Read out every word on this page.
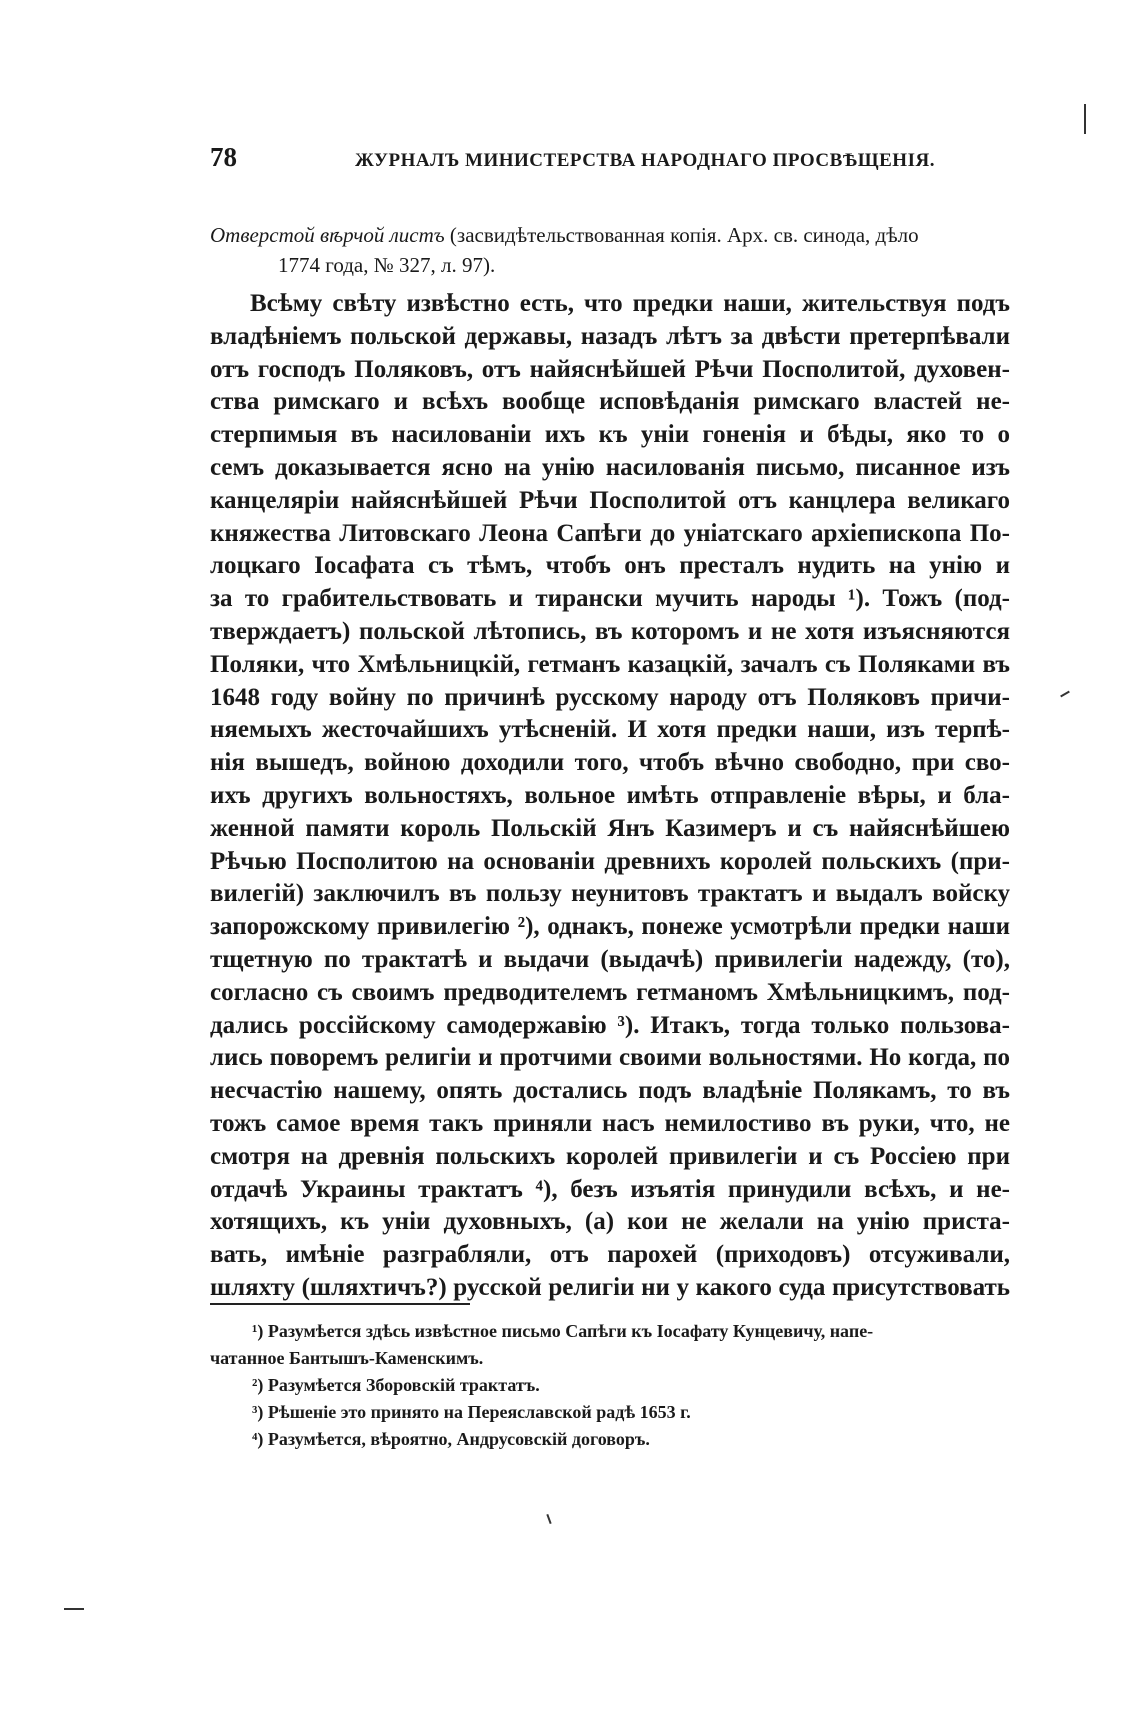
78	ЖУРНАЛЪ МИНИСТЕРСТВА НАРОДНАГО ПРОСВѢЩЕНІЯ.
Отверстой вѣрчой листъ (засвидѣтельствованная копія. Арх. св. синода, дѣло
1774 года, № 327, л. 97).
Всѣму свѣту извѣстно есть, что предки наши, жительствуя подъ
владѣніемъ польской державы, назадъ лѣтъ за двѣсти претерпѣвали
отъ господъ Поляковъ, отъ найяснѣйшей Рѣчи Посполитой, духовен-
ства римскаго и всѣхъ вообще исповѣданія римскаго властей не-
стерпимыя въ насилованіи ихъ къ уніи гоненія и бѣды, яко то о
семъ доказывается ясно на унію насилованія письмо, писанное изъ
канцеляріи найяснѣйшей Рѣчи Посполитой отъ канцлера великаго
княжества Литовскаго Леона Сапѣги до уніатскаго архіепископа По-
лоцкаго Іосафата съ тѣмъ, чтобъ онъ престалъ нудить на унію и
за то грабительствовать и тирански мучить народы ¹). Тожъ (под-
тверждаетъ) польской лѣтопись, въ которомъ и не хотя изъясняются
Поляки, что Хмѣльницкій, гетманъ казацкій, зачалъ съ Поляками въ
1648 году войну по причинѣ русскому народу отъ Поляковъ причи-
няемыхъ жесточайшихъ утѣсненій. И хотя предки наши, изъ терпѣ-
нія вышедъ, войною доходили того, чтобъ вѣчно свободно, при сво-
ихъ другихъ вольностяхъ, вольное имѣть отправленіе вѣры, и бла-
женной памяти король Польскій Янъ Казимеръ и съ найяснѣйшею
Рѣчью Посполитою на основаніи древнихъ королей польскихъ (при-
вилегій) заключилъ въ пользу неунитовъ трактатъ и выдалъ войску
запорожскому привилегію ²), однакъ, понеже усмотрѣли предки наши
тщетную по трактатѣ и выдачи (выдачѣ) привилегіи надежду, (то),
согласно съ своимъ предводителемъ гетманомъ Хмѣльницкимъ, под-
дались россійскому самодержавію ³). Итакъ, тогда только пользова-
лись поворемъ религіи и протчими своими вольностями. Но когда, по
несчастію нашему, опять достались подъ владѣніе Полякамъ, то въ
тожъ самое время такъ приняли насъ немилостиво въ руки, что, не
смотря на древнія польскихъ королей привилегіи и съ Россіею при
отдачѣ Украины трактатъ ⁴), безъ изъятія принудили всѣхъ, и не-
хотящихъ, къ уніи духовныхъ, (а) кои не желали на унію приста-
вать, имѣніе разграбляли, отъ парохей (приходовъ) отсуживали,
шляхту (шляхтичъ?) русской религіи ни у какого суда присутствовать
¹) Разумѣется здѣсь извѣстное письмо Сапѣги къ Іосафату Кунцевичу, напе-
чатанное Бантышъ-Каменскимъ.
²) Разумѣется Зборовскій трактатъ.
³) Рѣшеніе это принято на Переяславской радѣ 1653 г.
⁴) Разумѣется, вѣроятно, Андрусовскій договоръ.
